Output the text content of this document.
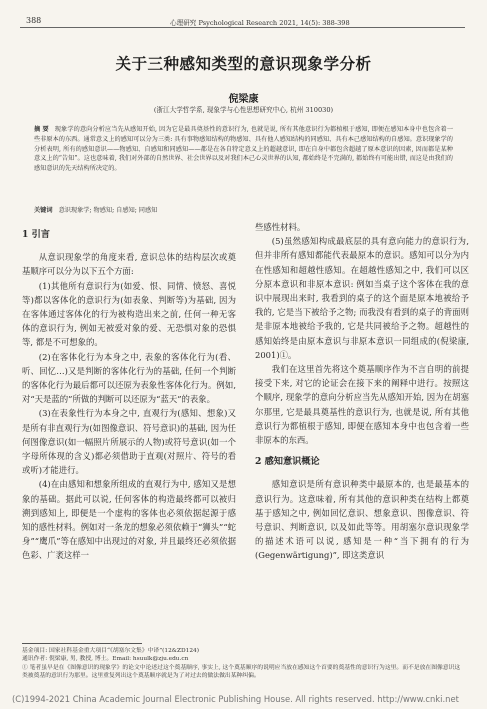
388	心理研究 Psychological Research 2021, 14(5): 388-398
关于三种感知类型的意识现象学分析
倪梁康
(浙江大学哲学系, 现象学与心性思想研究中心, 杭州 310030)
摘 要 现象学的意向分析应当先从感知开始, 因为它是最具奠基性的意识行为, 也就是说, 所有其他意识行为都植根于感知, 即便在感知本身中也包含着一些非原本的东西。通常意义上的感知可以分为三类: 具有事物感知结构的物感知、具有他人感知结构的同感知、具有本己感知结构的自感知。意识现象学的分析表明, 所有的感知意识——物感知、自感知和同感知——都是在各自特定意义上的超越意识, 即在自身中都包含超越了原本意识的因素, 因而都是某种意义上的“告知”。这也意味着, 我们对外部的自然世界、社会世界以及对我们本己心灵世界的认知, 都始终是不完满的, 都始终有可能出错, 而这是由我们的感知意识的先天结构所决定的。
关键词 意识现象学; 物感知; 自感知; 同感知
1 引言

从意识现象学的角度来看, 意识总体的结构层次或奠基顺序可以分为以下五个方面:

(1)其他所有意识行为(如爱、恨、同情、愤怒、喜悦等)都以客体化的意识行为(如表象、判断等)为基础, 因为在客体通过客体化的行为被构造出来之前, 任何一种无客体的意识行为, 例如无被爱对象的爱、无恐惧对象的恐惧等, 都是不可想象的。

(2)在客体化行为本身之中, 表象的客体化行为(看、听、回忆…)又是判断的客体化行为的基础, 任何一个判断的客体化行为最后都可以还原为表象性客体化行为。例如, 对“天是蓝的”所做的判断可以还原为“蓝天”的表象。

(3)在表象性行为本身之中, 直观行为(感知、想象)又是所有非直观行为(如图像意识、符号意识)的基础, 因为任何图像意识(如一幅照片所展示的人物)或符号意识(如一个字母所体现的含义)都必须借助于直观(对照片、符号的看或听)才能进行。

(4)在由感知和想象所组成的直观行为中, 感知又是想象的基础。据此可以说, 任何客体的构造最终都可以被归溯到感知上, 即便是一个虚构的客体也必须依据起源于感知的感性材料。例如对一条龙的想象必须依赖于“狮头”“蛇身”“鹰爪”等在感知中出现过的对象, 并且最终还必须依据色彩、广袤这样一

些感性材料。

(5)虽然感知构成最底层的具有意向能力的意识行为, 但并非所有感知都能代表最原本的意识。感知可以分为内在性感知和超越性感知。在超越性感知之中, 我们可以区分原本意识和非原本意识: 例如当桌子这个客体在我的意识中展现出来时, 我看到的桌子的这个面是原本地被给予我的, 它是当下被给予之物; 而我没有看到的桌子的背面则是非原本地被给予我的, 它是共同被给予之物。超越性的感知始终是由原本意识与非原本意识一同组成的(倪梁康, 2001)①。

我们在这里首先将这个奠基顺序作为不言自明的前提接受下来, 对它的论证会在接下来的阐释中进行。按照这个顺序, 现象学的意向分析应当先从感知开始, 因为在胡塞尔那里, 它是最具奠基性的意识行为, 也就是说, 所有其他意识行为都植根于感知, 即便在感知本身中也包含着一些非原本的东西。

2 感知意识概论

感知意识是所有意识种类中最原本的, 也是最基本的意识行为。这意味着, 所有其他的意识种类在结构上都奠基于感知之中, 例如回忆意识、想象意识、图像意识、符号意识、判断意识, 以及如此等等。用胡塞尔意识现象学的描述术语可以说, 感知是一种“当下拥有的行为(Gegenwärtigung)”, 即这类意识

基金项目: 国家社科基金重大项目“《胡塞尔文集》中译”(12&ZD124)

通讯作者: 倪梁康, 男, 教授, 博士。Email: hsuulk@zju.edu.cn

① 笔者虽早是在《图像意识的现象学》的论文中论述过这个奠基顺序, 事实上, 这个奠基顺序的说明应当放在感知这个首要的奠基性的意识行为这里。而不是放在图像意识这类被奠基的意识行为那里。这里重复列出这个奠基顺序就是为了对过去的做法做出某种纠偏。

(C)1994-2021 China Academic Journal Electronic Publishing House. All rights reserved. http://www.cnki.net
